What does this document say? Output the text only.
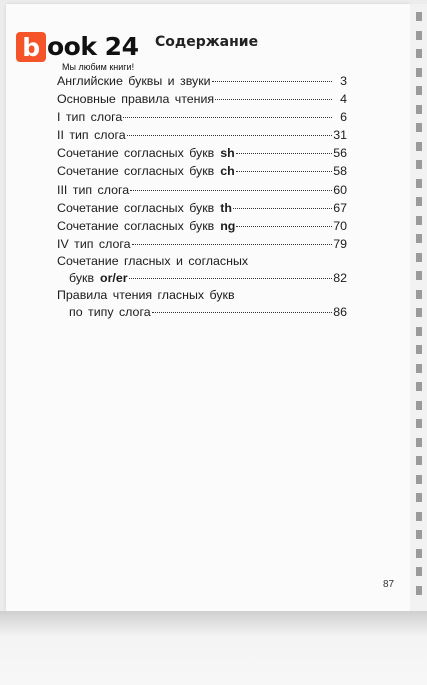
b ook 24
Мы любим книги!
Содержание
Английские буквы и звуки	3
Основные правила чтения	4
I тип слога	6
II тип слога	31
Сочетание согласных букв sh	56
Сочетание согласных букв ch	58
III тип слога	60
Сочетание согласных букв th	67
Сочетание согласных букв ng	70
IV тип слога	79
Сочетание гласных и согласных
букв or/er	82
Правила чтения гласных букв
по типу слога	86
87
